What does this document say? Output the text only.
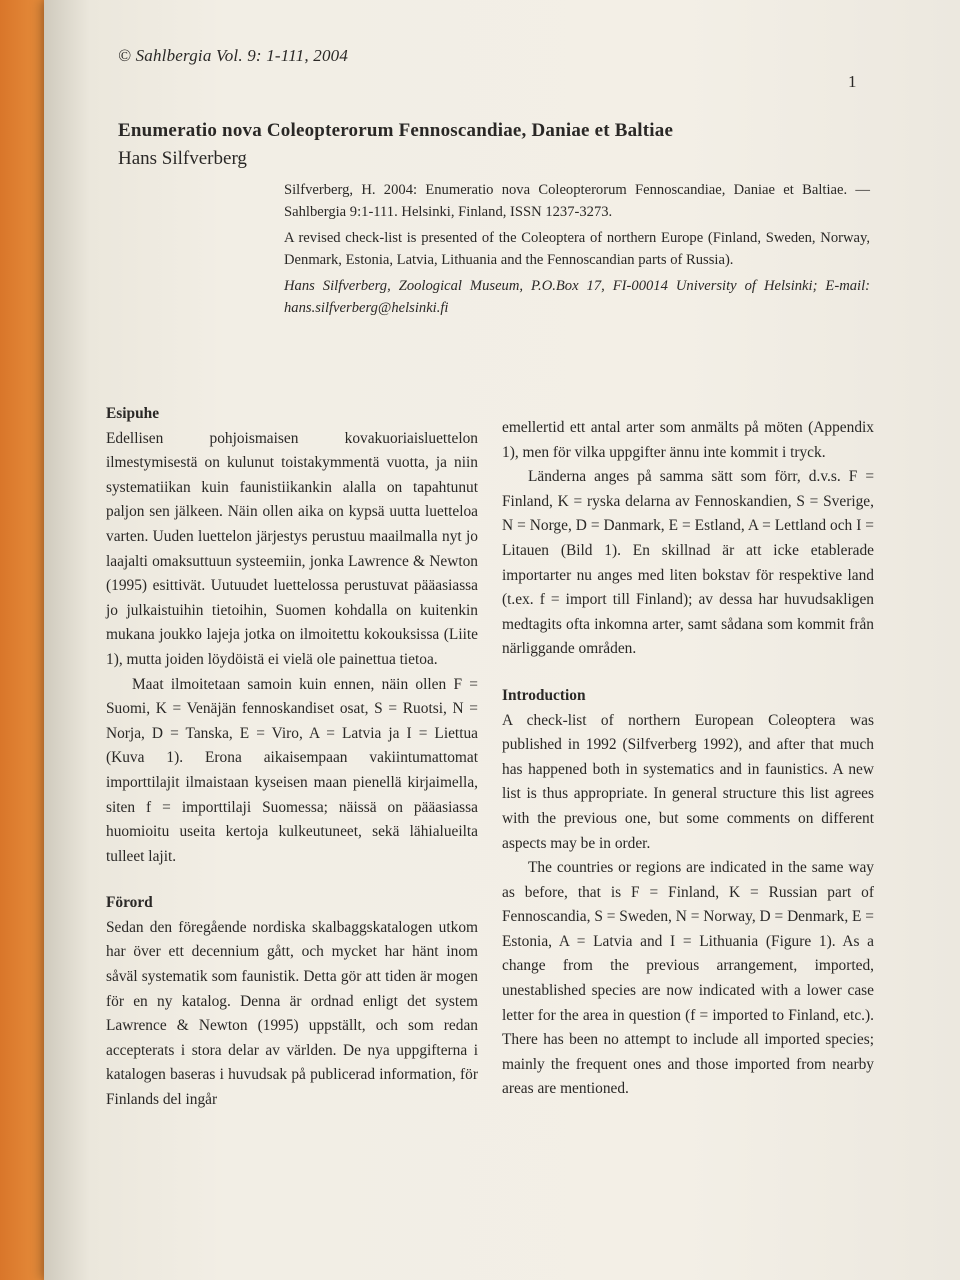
© Sahlbergia Vol. 9: 1-111, 2004
1
Enumeratio nova Coleopterorum Fennoscandiae, Daniae et Baltiae
Hans Silfverberg

Silfverberg, H. 2004: Enumeratio nova Coleopterorum Fennoscandiae, Daniae et Baltiae. — Sahlbergia 9:1-111. Helsinki, Finland, ISSN 1237-3273.

A revised check-list is presented of the Coleoptera of northern Europe (Finland, Sweden, Norway, Denmark, Estonia, Latvia, Lithuania and the Fennoscandian parts of Russia).

Hans Silfverberg, Zoological Museum, P.O.Box 17, FI-00014 University of Helsinki; E-mail: hans.silfverberg@helsinki.fi

Esipuhe

Edellisen pohjoismaisen kovakuoriaisluettelon ilmestymisestä on kulunut toistakymmentä vuotta, ja niin systematiikan kuin faunistiikankin alalla on tapahtunut paljon sen jälkeen. Näin ollen aika on kypsä uutta luetteloa varten. Uuden luettelon järjestys perustuu maailmalla nyt jo laajalti omaksuttuun systeemiin, jonka Lawrence & Newton (1995) esittivät. Uutuudet luettelossa perustuvat pääasiassa jo julkaistuihin tietoihin, Suomen kohdalla on kuitenkin mukana joukko lajeja jotka on ilmoitettu kokouksissa (Liite 1), mutta joiden löydöistä ei vielä ole painettua tietoa.

Maat ilmoitetaan samoin kuin ennen, näin ollen F = Suomi, K = Venäjän fennoskandiset osat, S = Ruotsi, N = Norja, D = Tanska, E = Viro, A = Latvia ja I = Liettua (Kuva 1). Erona aikaisempaan vakiintumattomat importtilajit ilmaistaan kyseisen maan pienellä kirjaimella, siten f = importtilaji Suomessa; näissä on pääasiassa huomioitu useita kertoja kulkeutuneet, sekä lähialueilta tulleet lajit.

Förord

Sedan den föregående nordiska skalbaggskatalogen utkom har över ett decennium gått, och mycket har hänt inom såväl systematik som faunistik. Detta gör att tiden är mogen för en ny katalog. Denna är ordnad enligt det system Lawrence & Newton (1995) uppställt, och som redan accepterats i stora delar av världen. De nya uppgifterna i katalogen baseras i huvudsak på publicerad information, för Finlands del ingår

emellertid ett antal arter som anmälts på möten (Appendix 1), men för vilka uppgifter ännu inte kommit i tryck.

Länderna anges på samma sätt som förr, d.v.s. F = Finland, K = ryska delarna av Fennoskandien, S = Sverige, N = Norge, D = Danmark, E = Estland, A = Lettland och I = Litauen (Bild 1). En skillnad är att icke etablerade importarter nu anges med liten bokstav för respektive land (t.ex. f = import till Finland); av dessa har huvudsakligen medtagits ofta inkomna arter, samt sådana som kommit från närliggande områden.

Introduction

A check-list of northern European Coleoptera was published in 1992 (Silfverberg 1992), and after that much has happened both in systematics and in faunistics. A new list is thus appropriate. In general structure this list agrees with the previous one, but some comments on different aspects may be in order.

The countries or regions are indicated in the same way as before, that is F = Finland, K = Russian part of Fennoscandia, S = Sweden, N = Norway, D = Denmark, E = Estonia, A = Latvia and I = Lithuania (Figure 1). As a change from the previous arrangement, imported, unestablished species are now indicated with a lower case letter for the area in question (f = imported to Finland, etc.). There has been no attempt to include all imported species; mainly the frequent ones and those imported from nearby areas are mentioned.
